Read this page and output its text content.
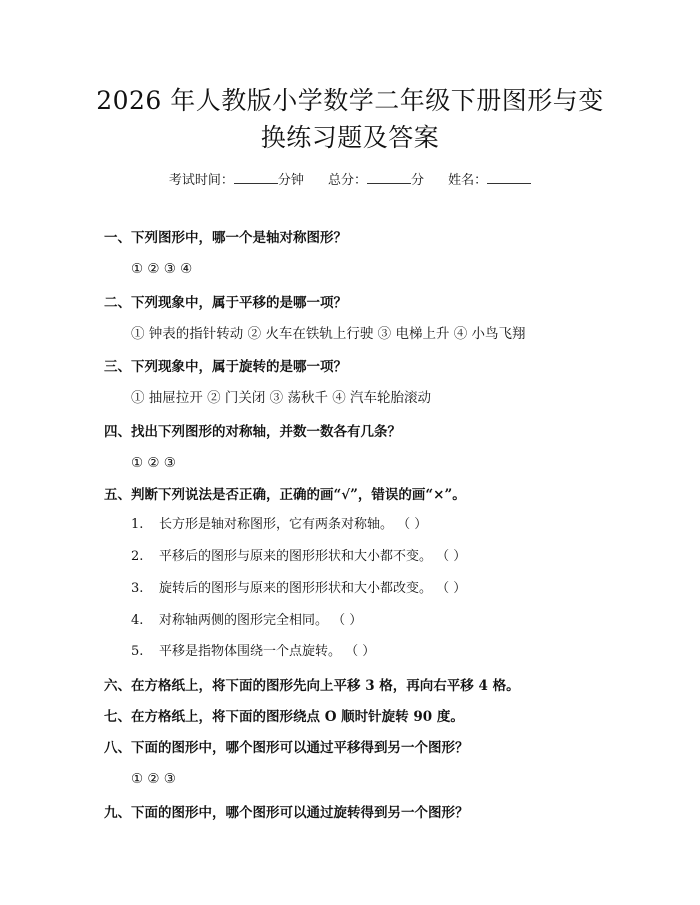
2026 年人教版小学数学二年级下册图形与变
换练习题及答案
考试时间：	分钟 总分：	分 姓名：
一、下列图形中，哪一个是轴对称图形？
① ② ③ ④
二、下列现象中，属于平移的是哪一项？
① 钟表的指针转动 ② 火车在铁轨上行驶 ③ 电梯上升 ④ 小鸟飞翔
三、下列现象中，属于旋转的是哪一项？
① 抽屉拉开 ② 门关闭 ③ 荡秋千 ④ 汽车轮胎滚动
四、找出下列图形的对称轴，并数一数各有几条？
① ② ③
五、判断下列说法是否正确，正确的画“√”，错误的画“×”。
1. 长方形是轴对称图形，它有两条对称轴。 （ ）
2. 平移后的图形与原来的图形形状和大小都不变。 （ ）
3. 旋转后的图形与原来的图形形状和大小都改变。 （ ）
4. 对称轴两侧的图形完全相同。 （ ）
5. 平移是指物体围绕一个点旋转。 （ ）
六、在方格纸上，将下面的图形先向上平移 3 格，再向右平移 4 格。
七、在方格纸上，将下面的图形绕点 O 顺时针旋转 90 度。
八、下面的图形中，哪个图形可以通过平移得到另一个图形？
① ② ③
九、下面的图形中，哪个图形可以通过旋转得到另一个图形？
